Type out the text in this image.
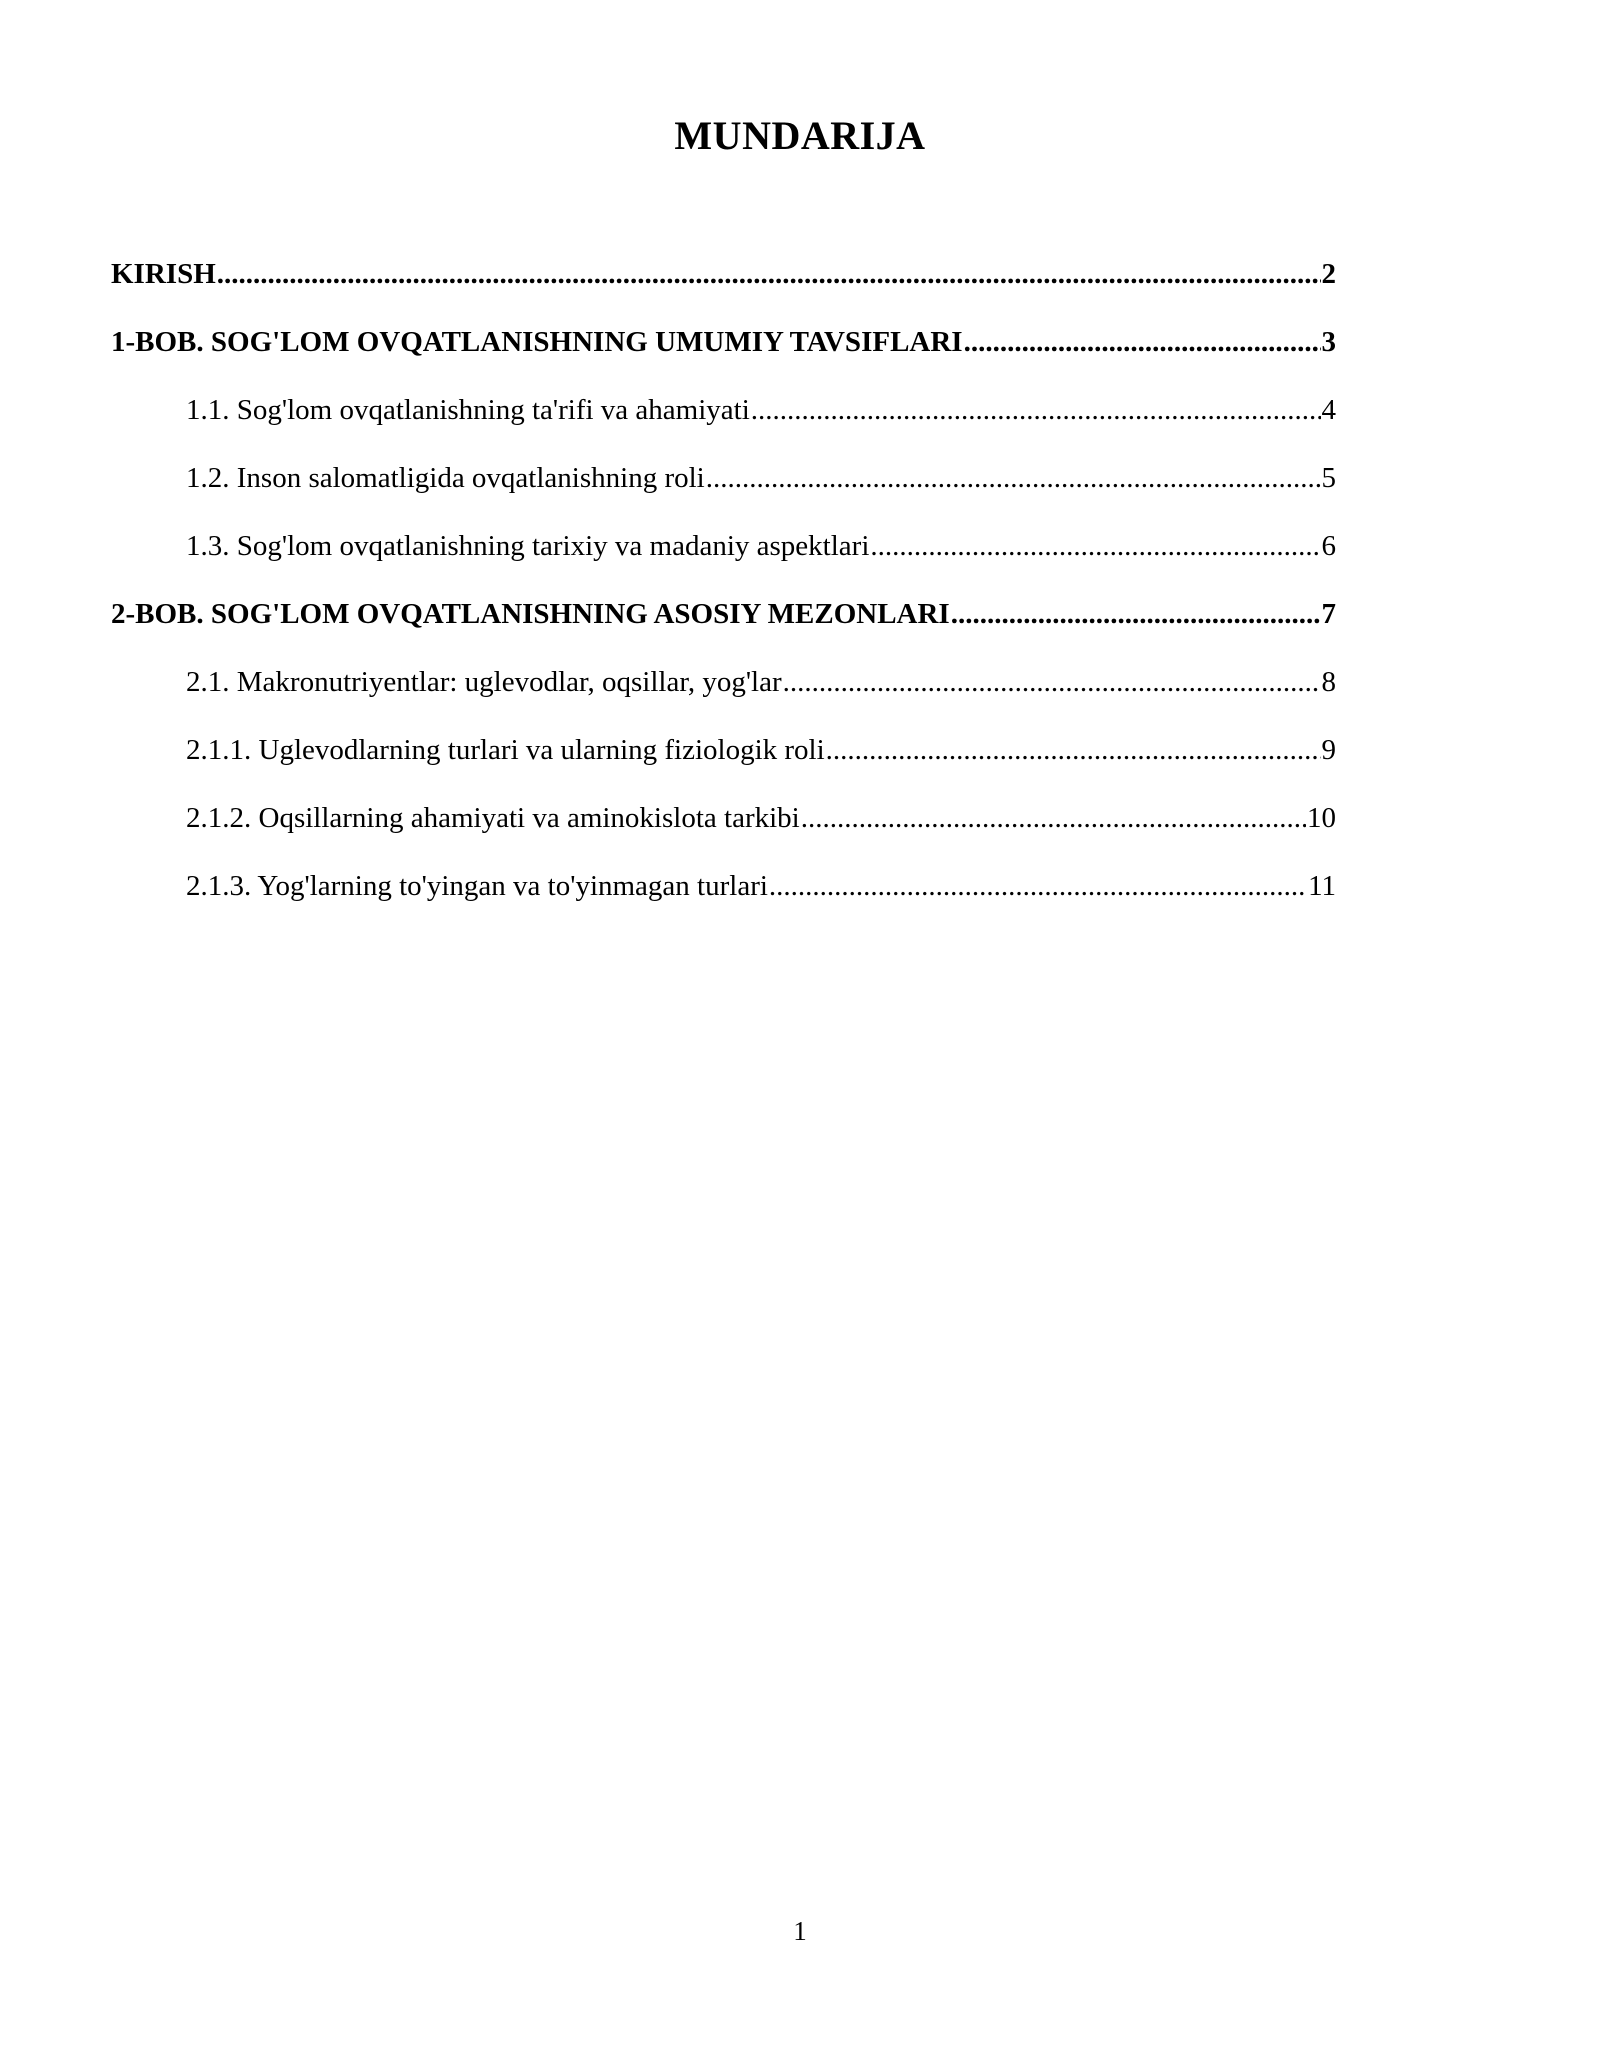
MUNDARIJA
KIRISH .....	2
1-BOB. SOG'LOM OVQATLANISHNING UMUMIY TAVSIFLARI .....	3
1.1. Sog'lom ovqatlanishning ta'rifi va ahamiyati .....	4
1.2. Inson salomatligida ovqatlanishning roli .....	5
1.3. Sog'lom ovqatlanishning tarixiy va madaniy aspektlari .....	6
2-BOB. SOG'LOM OVQATLANISHNING ASOSIY MEZONLARI .....	7
2.1. Makronutriyentlar: uglevodlar, oqsillar, yog'lar .....	8
2.1.1. Uglevodlarning turlari va ularning fiziologik roli .....	9
2.1.2. Oqsillarning ahamiyati va aminokislota tarkibi .....	10
2.1.3. Yog'larning to'yingan va to'yinmagan turlari .....	11
1
